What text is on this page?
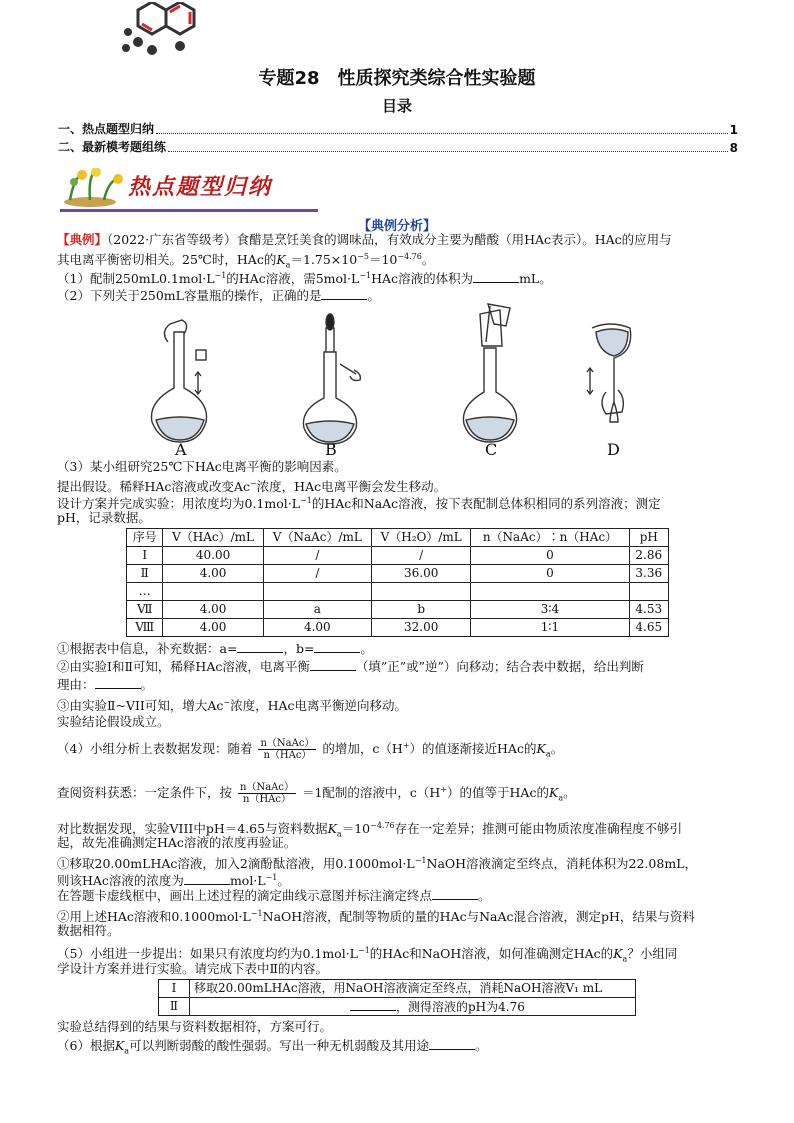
专题28　性质探究类综合性实验题
目录
一、热点题型归纳	1
二、最新模考题组练	8
热点题型归纳
【典例分析】
【典例】（2022·广东省等级考）食醋是烹饪美食的调味品，有效成分主要为醋酸（用HAc表示）。HAc的应用与
其电离平衡密切相关。25℃时，HAc的$K_a=1.75\times 10^{-5}=10^{-4.76}$。
（1）配制$250mL0.1mol\cdot L^{-1}$的HAc溶液，需$5mol\cdot L^{-1}HAc$溶液的体积为	mL。
（2）下列关于250mL容量瓶的操作，正确的是	。
A	B	C	D
（3）某小组研究25℃下HAc电离平衡的影响因素。
提出假设。稀释HAc溶液或改变Ac−浓度，HAc电离平衡会发生移动。
设计方案并完成实验：用浓度均为$0.1mol\cdot L^{-1}$的HAc和NaAc溶液，按下表配制总体积相同的系列溶液；测定
pH，记录数据。
序号	V（HAc）/mL	V（NaAc）/mL	V（H₂O）/mL	n（NaAc）∶n（HAc）	pH
Ⅰ	40.00	/	/	0	2.86
Ⅱ	4.00	/	36.00	0	3.36
…					
Ⅶ	4.00	a	b	3∶4	4.53
Ⅷ	4.00	4.00	32.00	1∶1	4.65
①根据表中信息，补充数据：a=	，b=	。
②由实验Ⅰ和Ⅱ可知，稀释HAc溶液，电离平衡	（填”正”或”逆”）向移动；结合表中数据，给出判断
理由：	。
③由实验Ⅱ~VII可知，增大Ac−浓度，HAc电离平衡逆向移动。
实验结论假设成立。
（4）小组分析上表数据发现：随着 $\frac{\text{n（NaAc）}}{\text{n（HAc）}}$ 的增加，c（H+）的值逐渐接近HAc的$K_a$。
查阅资料获悉：一定条件下，按 $\frac{\text{n（NaAc）}}{\text{n（HAc）}} =1$配制的溶液中，c（H+）的值等于HAc的$K_a$。
对比数据发现，实验VIII中pH＝4.65与资料数据$K_a=10^{-4.76}$存在一定差异；推测可能由物质浓度准确程度不够引
起，故先准确测定HAc溶液的浓度再验证。
①移取20.00mLHAc溶液，加入2滴酚酞溶液，用$0.1000mol\cdot L^{-1}NaOH$溶液滴定至终点，消耗体积为22.08mL，
则该HAc溶液的浓度为	$mol\cdot L^{-1}$。
在答题卡虚线框中，画出上述过程的滴定曲线示意图并标注滴定终点	。
②用上述HAc溶液和$0.1000mol\cdot L^{-1}NaOH$溶液，配制等物质的量的HAc与NaAc混合溶液，测定pH，结果与资料
数据相符。
（5）小组进一步提出：如果只有浓度均约为$0.1mol\cdot L^{-1}$的HAc和NaOH溶液，如何准确测定HAc的$K_a$？小组同
学设计方案并进行实验。请完成下表中Ⅱ的内容。
Ⅰ	移取20.00mLHAc溶液，用NaOH溶液滴定至终点，消耗NaOH溶液V₁ mL
Ⅱ	，测得溶液的pH为4.76
实验总结得到的结果与资料数据相符，方案可行。
（6）根据$K_a$可以判断弱酸的酸性强弱。写出一种无机弱酸及其用途	。
